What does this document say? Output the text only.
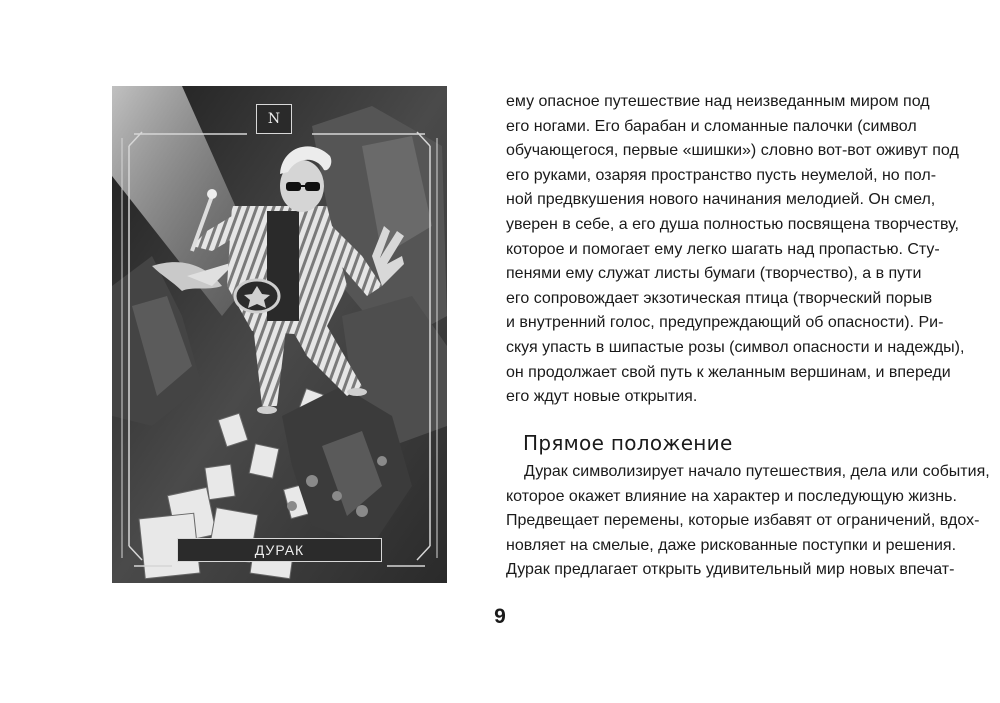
N
ДУРАК
ему опасное путешествие над неизведанным миром под
его ногами. Его барабан и сломанные палочки (символ
обучающегося, первые «шишки») словно вот-вот оживут под
его руками, озаряя пространство пусть неумелой, но пол-
ной предвкушения нового начинания мелодией. Он смел,
уверен в себе, а его душа полностью посвящена творчеству,
которое и помогает ему легко шагать над пропастью. Сту-
пенями ему служат листы бумаги (творчество), а в пути
его сопровождает экзотическая птица (творческий порыв
и внутренний голос, предупреждающий об опасности). Ри-
скуя упасть в шипастые розы (символ опасности и надежды),
он продолжает свой путь к желанным вершинам, и впереди
его ждут новые открытия.
Прямое положение
Дурак символизирует начало путешествия, дела или события,
которое окажет влияние на характер и последующую жизнь.
Предвещает перемены, которые избавят от ограничений, вдох-
новляет на смелые, даже рискованные поступки и решения.
Дурак предлагает открыть удивительный мир новых впечат-
9
